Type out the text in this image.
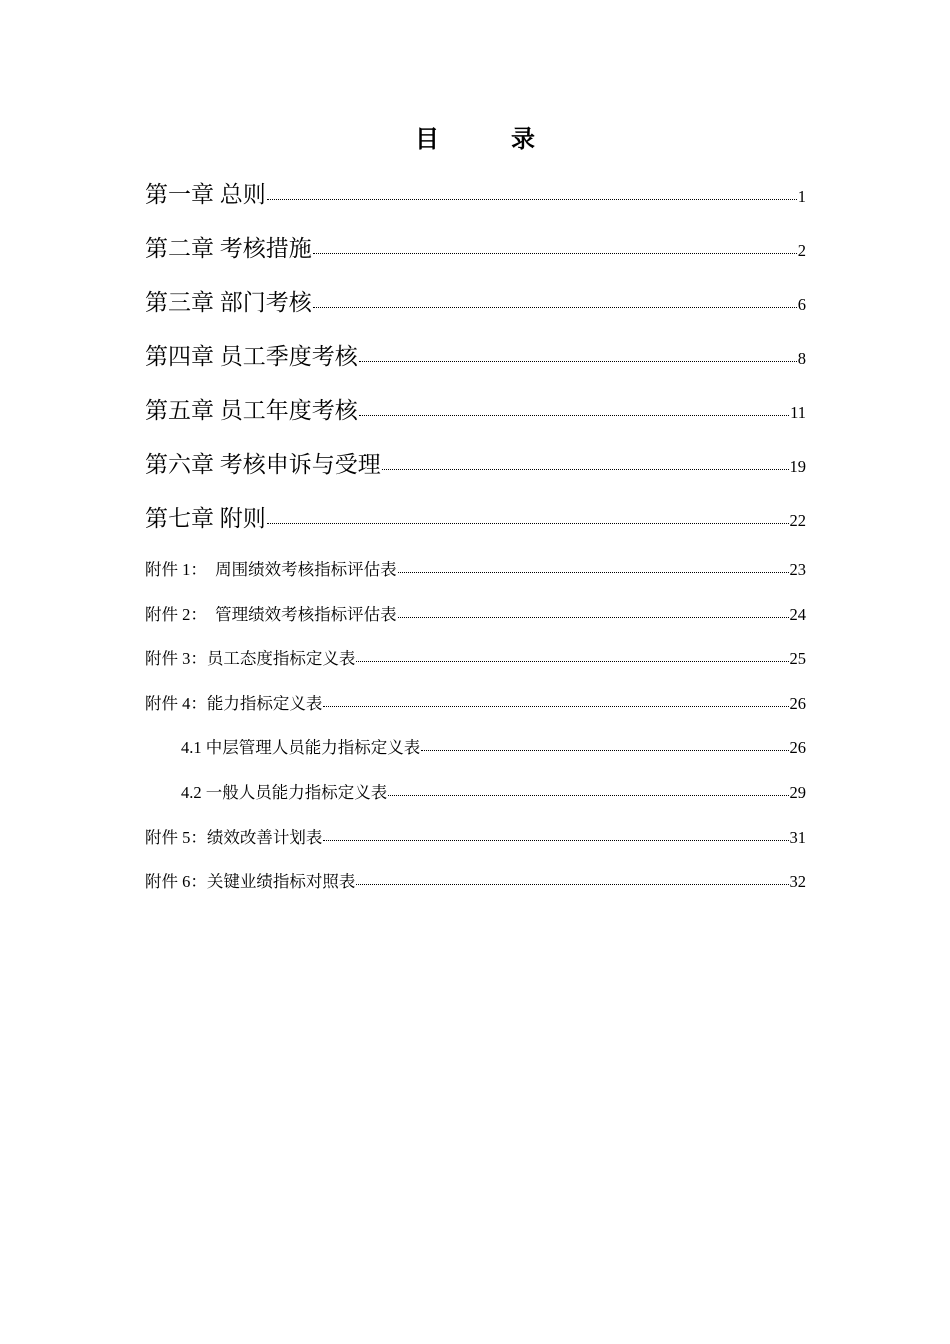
目　录
第一章 总则	1
第二章 考核措施	2
第三章 部门考核	6
第四章 员工季度考核	8
第五章 员工年度考核	11
第六章 考核申诉与受理	19
第七章 附则	22
附件 1：　周围绩效考核指标评估表	23
附件 2：　管理绩效考核指标评估表	24
附件 3：员工态度指标定义表	25
附件 4：能力指标定义表	26
4.1 中层管理人员能力指标定义表	26
4.2 一般人员能力指标定义表	29
附件 5：绩效改善计划表	31
附件 6：关键业绩指标对照表	32
